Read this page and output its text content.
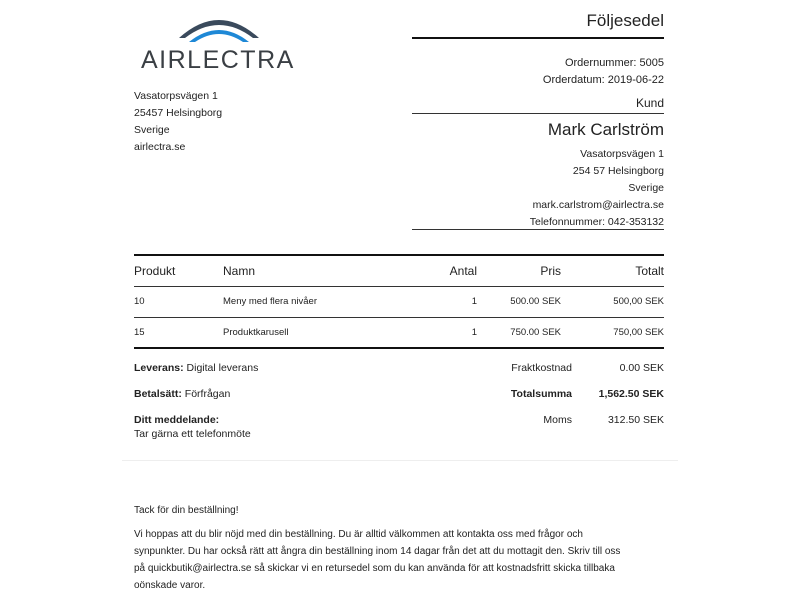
AIRLECTRA
Vasatorpsvägen 1
25457 Helsingborg
Sverige
airlectra.se
Följesedel
Ordernummer: 5005
Orderdatum: 2019-06-22
Kund
Mark Carlström
Vasatorpsvägen 1
254 57 Helsingborg
Sverige
mark.carlstrom@airlectra.se
Telefonnummer: 042-353132
Produkt	Namn	Antal	Pris	Totalt
10	Meny med flera nivåer	1	500.00 SEK	500,00 SEK
15	Produktkarusell	1	750.00 SEK	750,00 SEK
Leverans: Digital leverans
Betalsätt: Förfrågan
Ditt meddelande:
Tar gärna ett telefonmöte
Fraktkostnad	0.00 SEK
Totalsumma	1,562.50 SEK
Moms	312.50 SEK
Tack för din beställning!
Vi hoppas att du blir nöjd med din beställning. Du är alltid välkommen att kontakta oss med frågor och
synpunkter. Du har också rätt att ångra din beställning inom 14 dagar från det att du mottagit den. Skriv till oss
på quickbutik@airlectra.se så skickar vi en retursedel som du kan använda för att kostnadsfritt skicka tillbaka
oönskade varor.
